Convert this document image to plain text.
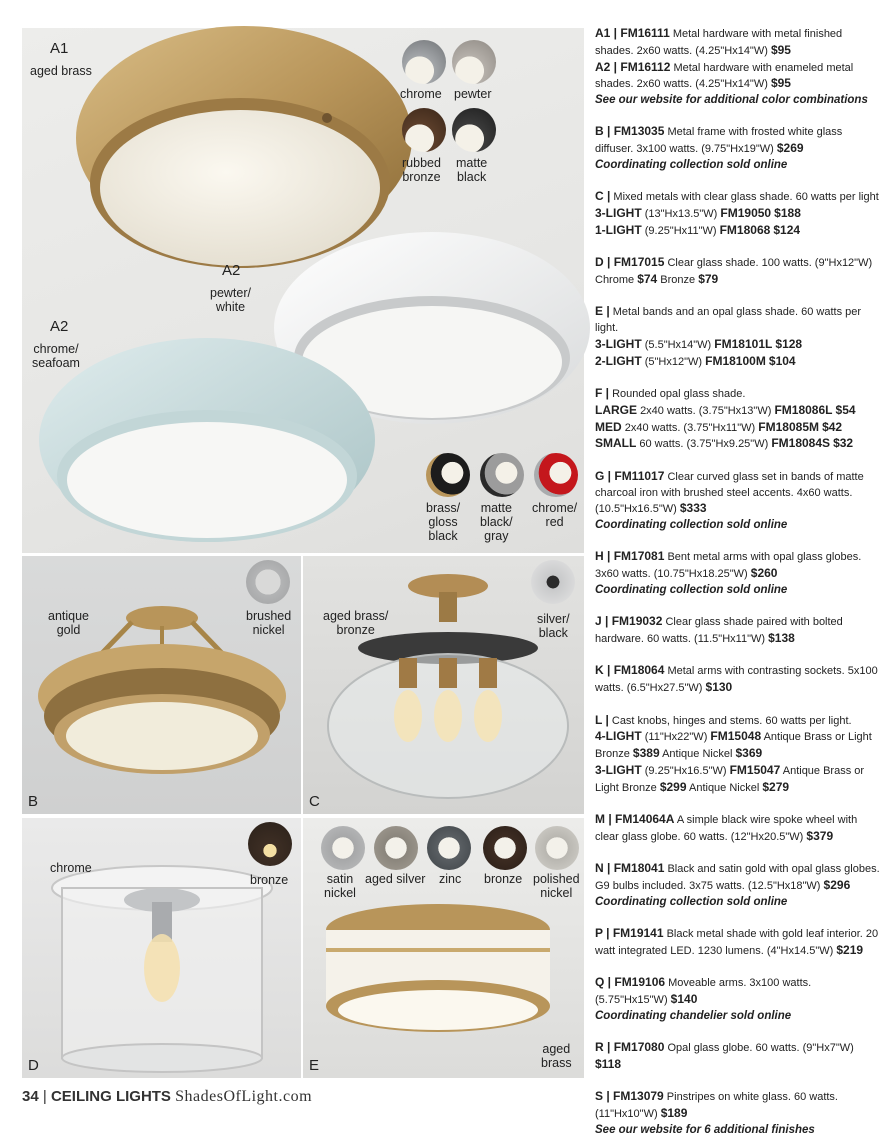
A1
aged brass
A2
pewter/
white
A2
chrome/
seafoam
chrome pewter
rubbed
bronze
matte
black
brass/
gloss
black
matte
black/
gray
chrome/
red
antique
gold
brushed
nickel
B
aged brass/
bronze
silver/
black
C
chrome
bronze
D
satin
nickel
aged silver zinc bronze polished
nickel
aged
brass
E
A1 | FM16111 Metal hardware with metal finished shades. 2x60 watts. (4.25"Hx14"W) $95
A2 | FM16112 Metal hardware with enameled metal shades. 2x60 watts. (4.25"Hx14"W) $95
See our website for additional color combinations
B | FM13035 Metal frame with frosted white glass diffuser. 3x100 watts. (9.75"Hx19"W) $269
Coordinating collection sold online
C | Mixed metals with clear glass shade. 60 watts per light
3-LIGHT (13"Hx13.5"W) FM19050 $188
1-LIGHT (9.25"Hx11"W) FM18068 $124
D | FM17015 Clear glass shade. 100 watts. (9"Hx12"W) Chrome $74 Bronze $79
E | Metal bands and an opal glass shade. 60 watts per light.
3-LIGHT (5.5"Hx14"W) FM18101L $128
2-LIGHT (5"Hx12"W) FM18100M $104
F | Rounded opal glass shade.
LARGE 2x40 watts. (3.75"Hx13"W) FM18086L $54
MED 2x40 watts. (3.75"Hx11"W) FM18085M $42
SMALL 60 watts. (3.75"Hx9.25"W) FM18084S $32
G | FM11017 Clear curved glass set in bands of matte charcoal iron with brushed steel accents. 4x60 watts. (10.5"Hx16.5"W) $333
Coordinating collection sold online
H | FM17081 Bent metal arms with opal glass globes. 3x60 watts. (10.75"Hx18.25"W) $260
Coordinating collection sold online
J | FM19032 Clear glass shade paired with bolted hardware. 60 watts. (11.5"Hx11"W) $138
K | FM18064 Metal arms with contrasting sockets. 5x100 watts. (6.5"Hx27.5"W) $130
L | Cast knobs, hinges and stems. 60 watts per light.
4-LIGHT (11"Hx22"W) FM15048 Antique Brass or Light Bronze $389 Antique Nickel $369
3-LIGHT (9.25"Hx16.5"W) FM15047 Antique Brass or Light Bronze $299 Antique Nickel $279
M | FM14064A A simple black wire spoke wheel with clear glass globe. 60 watts. (12"Hx20.5"W) $379
N | FM18041 Black and satin gold with opal glass globes. G9 bulbs included. 3x75 watts. (12.5"Hx18"W) $296
Coordinating collection sold online
P | FM19141 Black metal shade with gold leaf interior. 20 watt integrated LED. 1230 lumens. (4"Hx14.5"W) $219
Q | FM19106 Moveable arms. 3x100 watts. (5.75"Hx15"W) $140
Coordinating chandelier sold online
R | FM17080 Opal glass globe. 60 watts. (9"Hx7"W) $118
S | FM13079 Pinstripes on white glass. 60 watts. (11"Hx10"W) $189
See our website for 6 additional finishes
34 | CEILING LIGHTS ShadesOfLight.com
